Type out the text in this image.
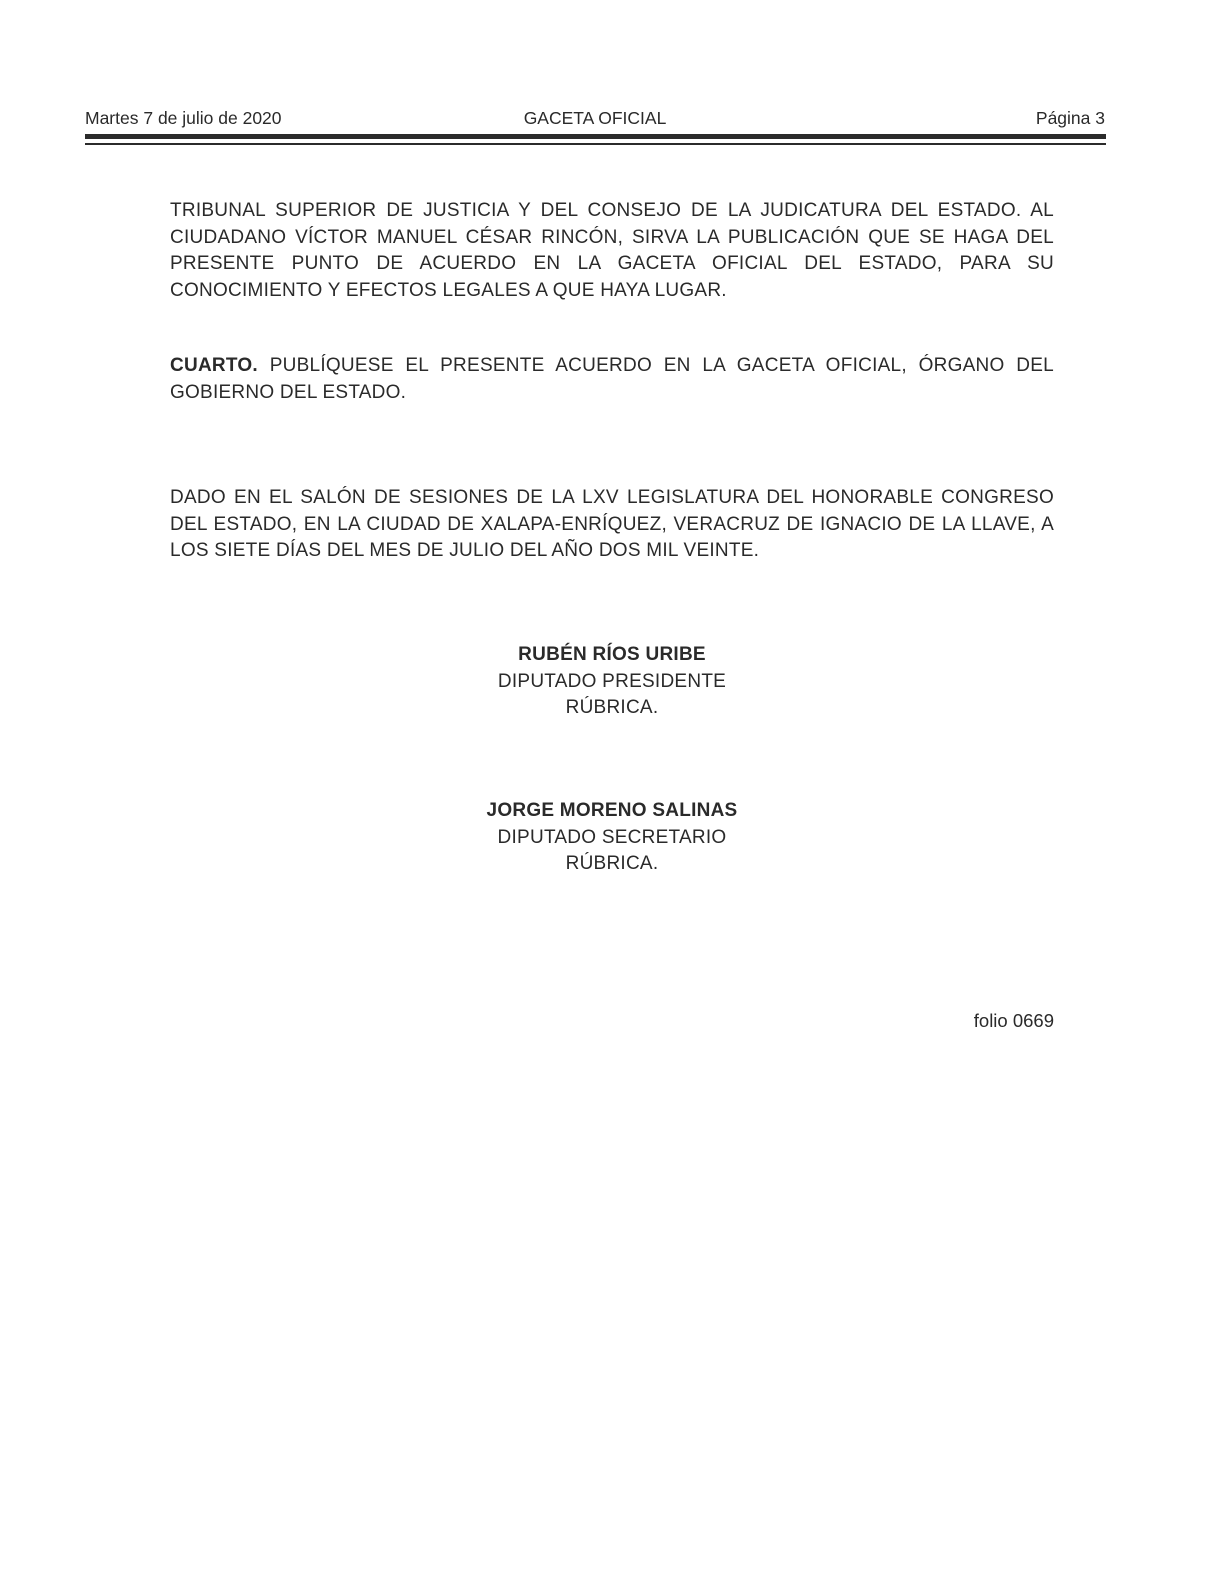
Martes 7 de julio de 2020	GACETA OFICIAL	Página 3

TRIBUNAL SUPERIOR DE JUSTICIA Y DEL CONSEJO DE LA JUDICATURA DEL ESTADO. AL CIUDADANO VÍCTOR MANUEL CÉSAR RINCÓN, SIRVA LA PUBLICACIÓN QUE SE HAGA DEL PRESENTE PUNTO DE ACUERDO EN LA GACETA OFICIAL DEL ESTADO, PARA SU CONOCIMIENTO Y EFECTOS LEGALES A QUE HAYA LUGAR.

CUARTO. PUBLÍQUESE EL PRESENTE ACUERDO EN LA GACETA OFICIAL, ÓRGANO DEL GOBIERNO DEL ESTADO.

DADO EN EL SALÓN DE SESIONES DE LA LXV LEGISLATURA DEL HONORABLE CONGRESO DEL ESTADO, EN LA CIUDAD DE XALAPA-ENRÍQUEZ, VERACRUZ DE IGNACIO DE LA LLAVE, A LOS SIETE DÍAS DEL MES DE JULIO DEL AÑO DOS MIL VEINTE.

RUBÉN RÍOS URIBE
DIPUTADO PRESIDENTE
RÚBRICA.
JORGE MORENO SALINAS
DIPUTADO SECRETARIO
RÚBRICA.
folio 0669
